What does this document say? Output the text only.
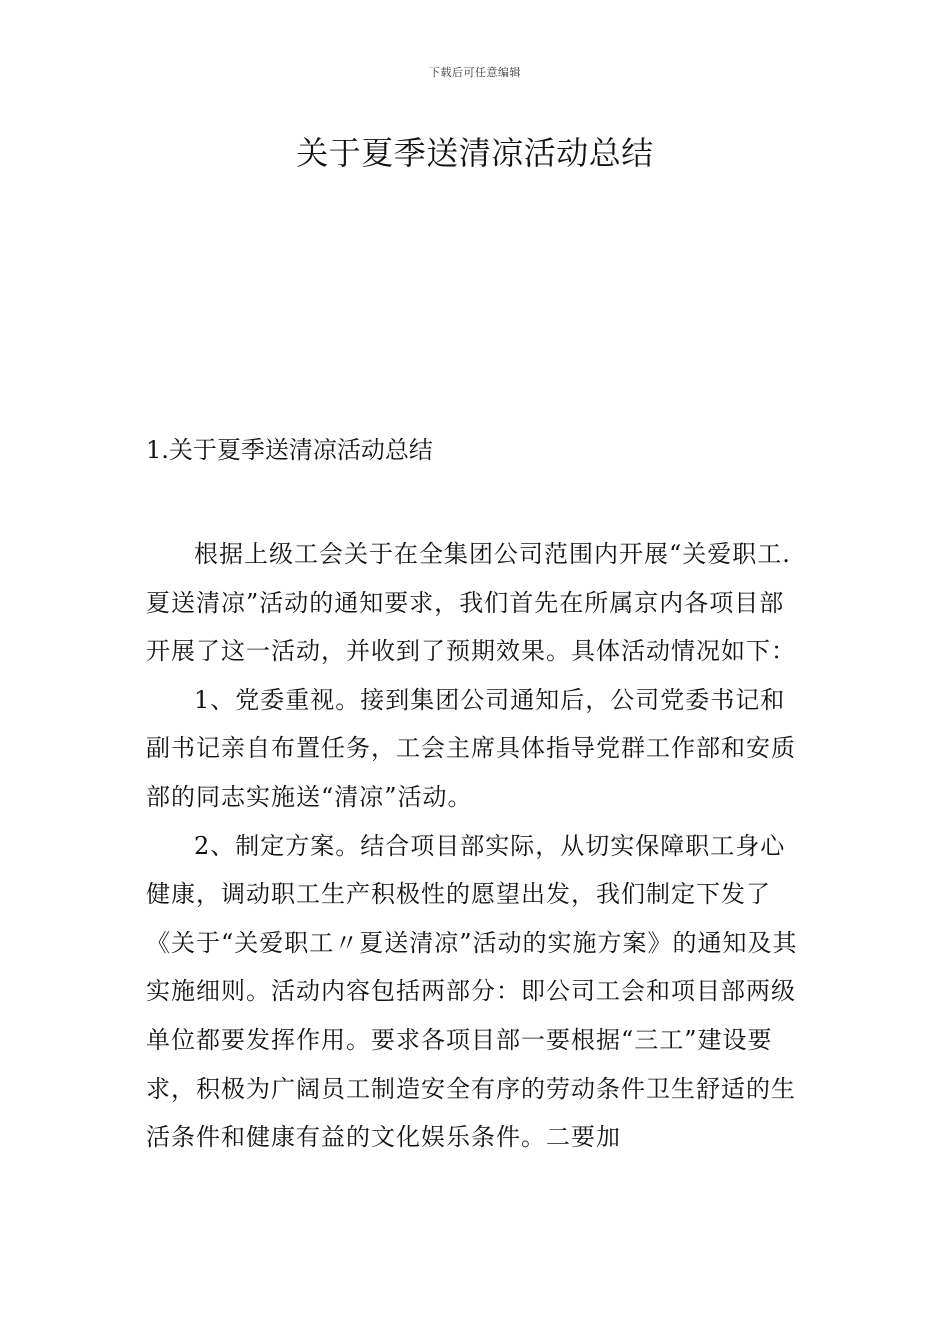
下载后可任意编辑
关于夏季送清凉活动总结
1.关于夏季送清凉活动总结

根据上级工会关于在全集团公司范围内开展“关爱职工.夏送清凉”活动的通知要求，我们首先在所属京内各项目部开展了这一活动，并收到了预期效果。具体活动情况如下：

1、党委重视。接到集团公司通知后，公司党委书记和副书记亲自布置任务，工会主席具体指导党群工作部和安质部的同志实施送“清凉”活动。

2、制定方案。结合项目部实际，从切实保障职工身心健康，调动职工生产积极性的愿望出发，我们制定下发了《关于“关爱职工〃夏送清凉”活动的实施方案》的通知及其实施细则。活动内容包括两部分：即公司工会和项目部两级单位都要发挥作用。要求各项目部一要根据“三工”建设要求，积极为广阔员工制造安全有序的劳动条件卫生舒适的生活条件和健康有益的文化娱乐条件。二要加
